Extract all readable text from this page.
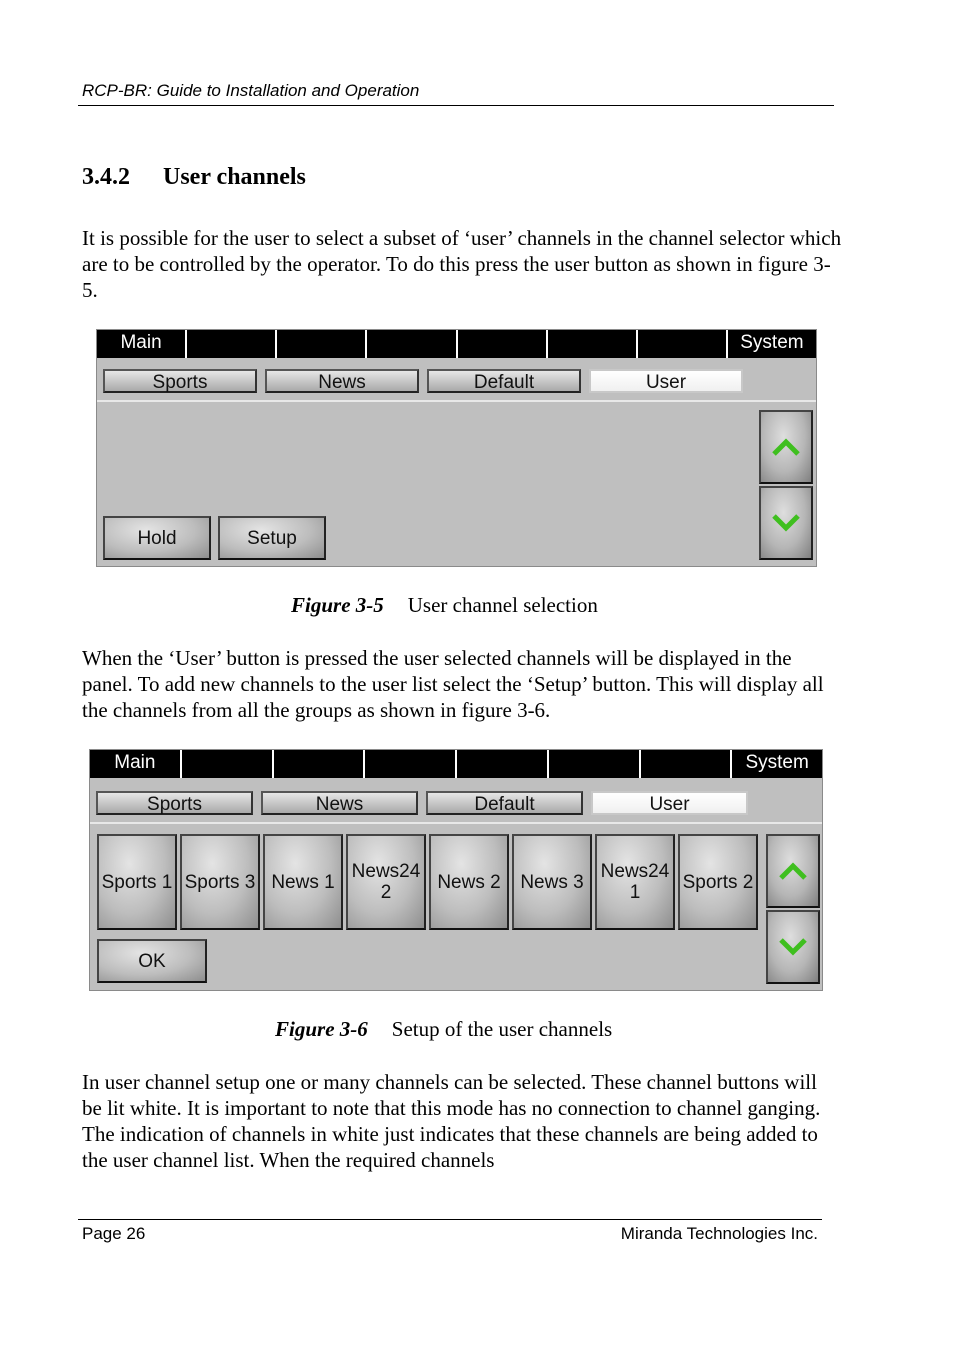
RCP-BR: Guide to Installation and Operation
3.4.2 User channels

It is possible for the user to select a subset of ‘user’ channels in the channel selector which are to be controlled by the operator. To do this press the user button as shown in figure 3-5.

Main	System
Sports	News	Default	User
Hold	Setup
Figure 3-5 User channel selection

When the ‘User’ button is pressed the user selected channels will be displayed in the panel. To add new channels to the user list select the ‘Setup’ button. This will display all the channels from all the groups as shown in figure 3-6.

Main	System
Sports	News	Default	User
Sports 1 Sports 3 News 1 News24
2	News 2	News 3 News24
1	Sports 2
OK
Figure 3-6 Setup of the user channels

In user channel setup one or many channels can be selected. These channel buttons will be lit white. It is important to note that this mode has no connection to channel ganging. The indication of channels in white just indicates that these channels are being added to the user channel list. When the required channels

Page 26	Miranda Technologies Inc.
